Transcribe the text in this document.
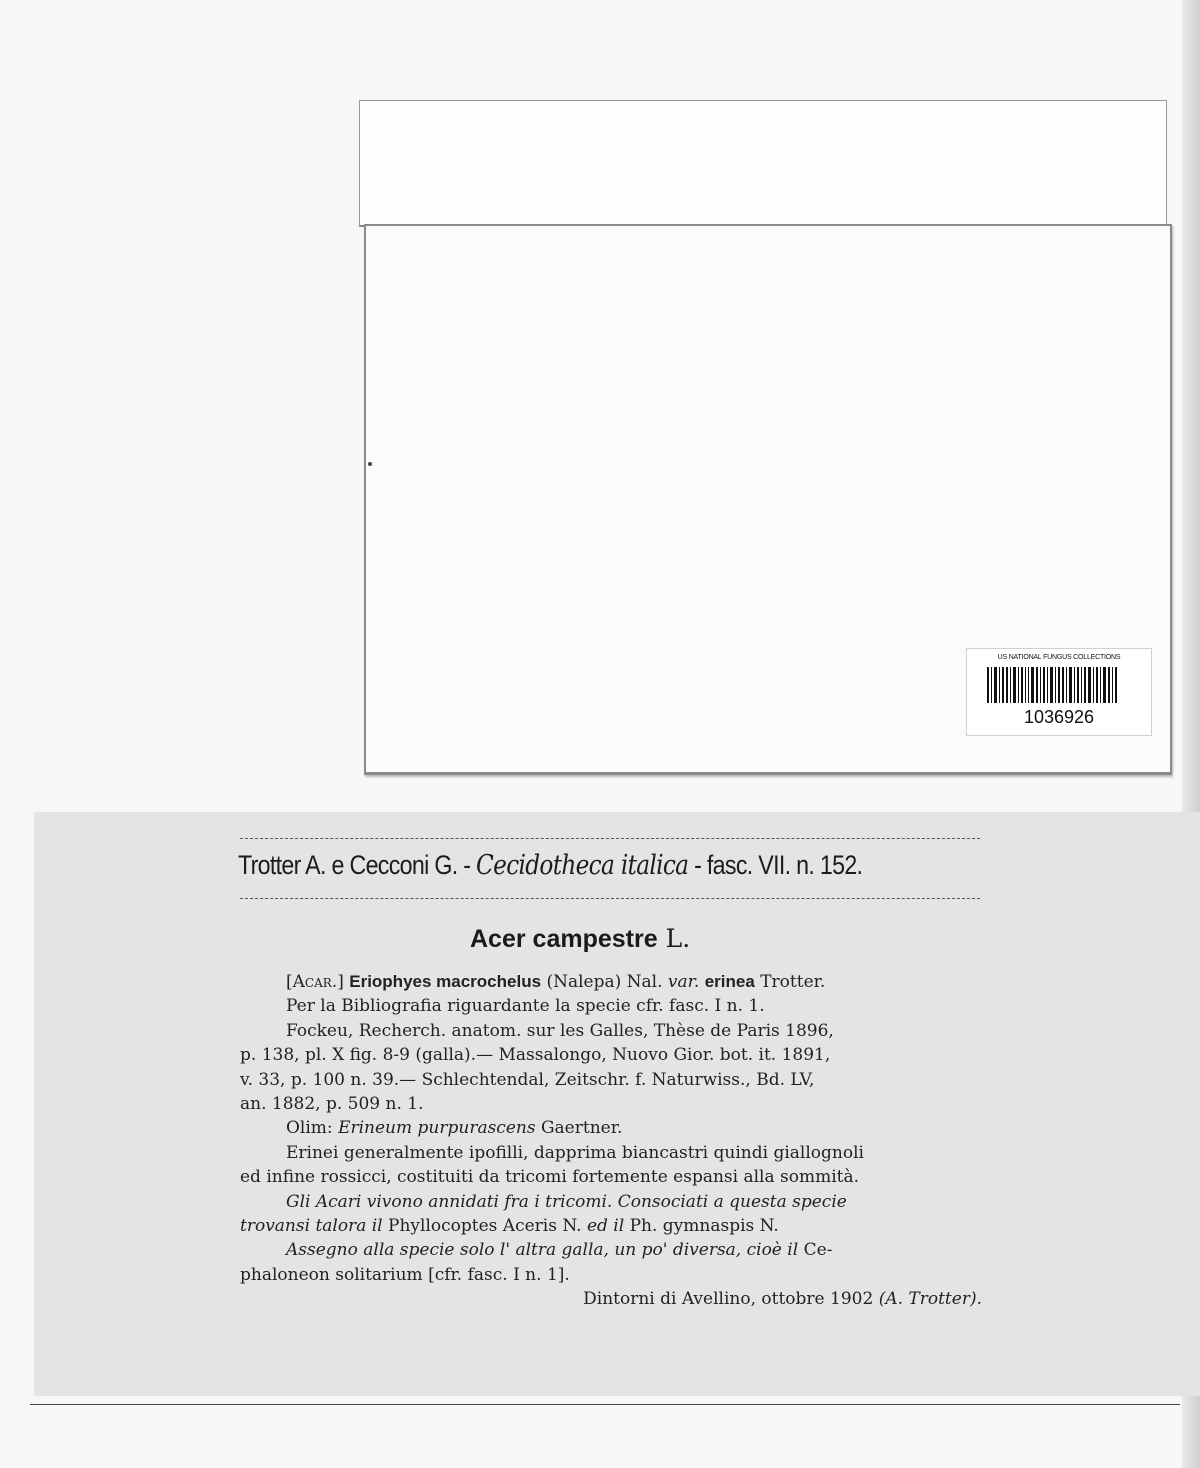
US NATIONAL FUNGUS COLLECTIONS
1036926
Trotter A. e Cecconi G. - Cecidotheca italica - fasc. VII. n. 152.
Acer campestre L.
[Acar.] Eriophyes macrochelus (Nalepa) Nal. var. erinea Trotter.
Per la Bibliografia riguardante la specie cfr. fasc. I n. 1.
Fockeu, Recherch. anatom. sur les Galles, Thèse de Paris 1896,
p. 138, pl. X fig. 8-9 (galla).— Massalongo, Nuovo Gior. bot. it. 1891,
v. 33, p. 100 n. 39.— Schlechtendal, Zeitschr. f. Naturwiss., Bd. LV,
an. 1882, p. 509 n. 1.
Olim: Erineum purpurascens Gaertner.
Erinei generalmente ipofilli, dapprima biancastri quindi giallognoli
ed infine rossicci, costituiti da tricomi fortemente espansi alla sommità.
Gli Acari vivono annidati fra i tricomi. Consociati a questa specie
trovansi talora il Phyllocoptes Aceris N. ed il Ph. gymnaspis N.
Assegno alla specie solo l' altra galla, un po' diversa, cioè il Ce-
phaloneon solitarium [cfr. fasc. I n. 1].
Dintorni di Avellino, ottobre 1902 (A. Trotter).
